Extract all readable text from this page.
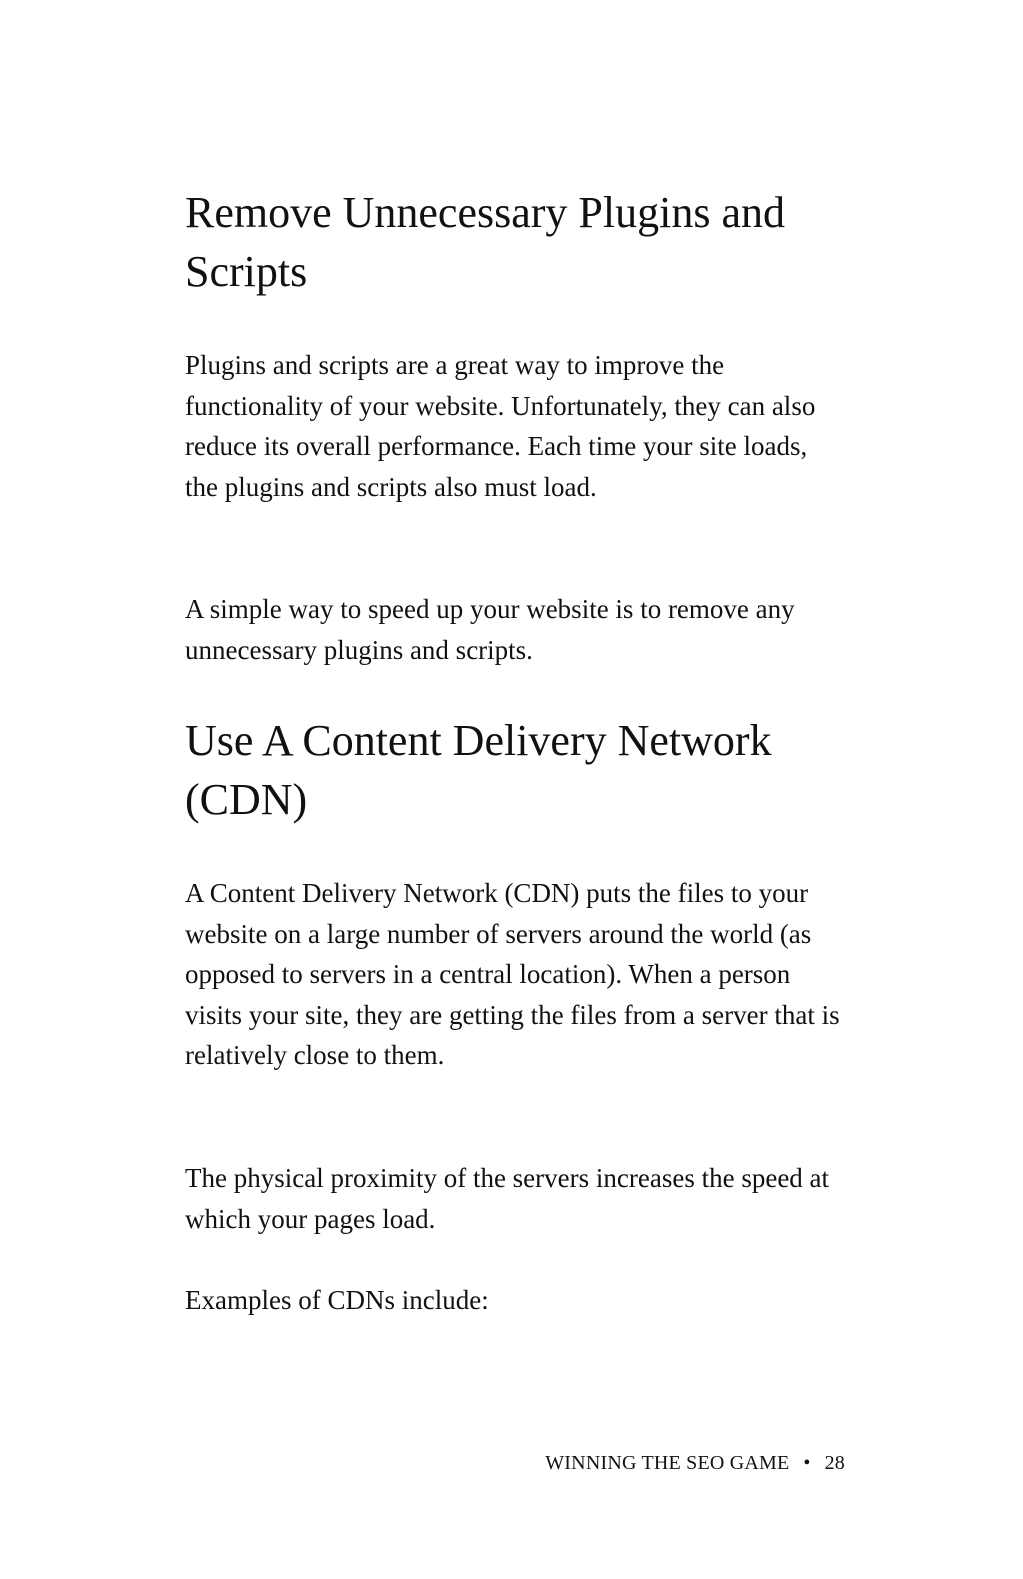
Remove Unnecessary Plugins and Scripts

Plugins and scripts are a great way to improve the functionality of your website. Unfortunately, they can also reduce its overall performance. Each time your site loads, the plugins and scripts also must load.

A simple way to speed up your website is to remove any unnecessary plugins and scripts.

Use A Content Delivery Network (CDN)

A Content Delivery Network (CDN) puts the files to your website on a large number of servers around the world (as opposed to servers in a central location). When a person visits your site, they are getting the files from a server that is relatively close to them.

The physical proximity of the servers increases the speed at which your pages load.

Examples of CDNs include:

WINNING THE SEO GAME • 28
